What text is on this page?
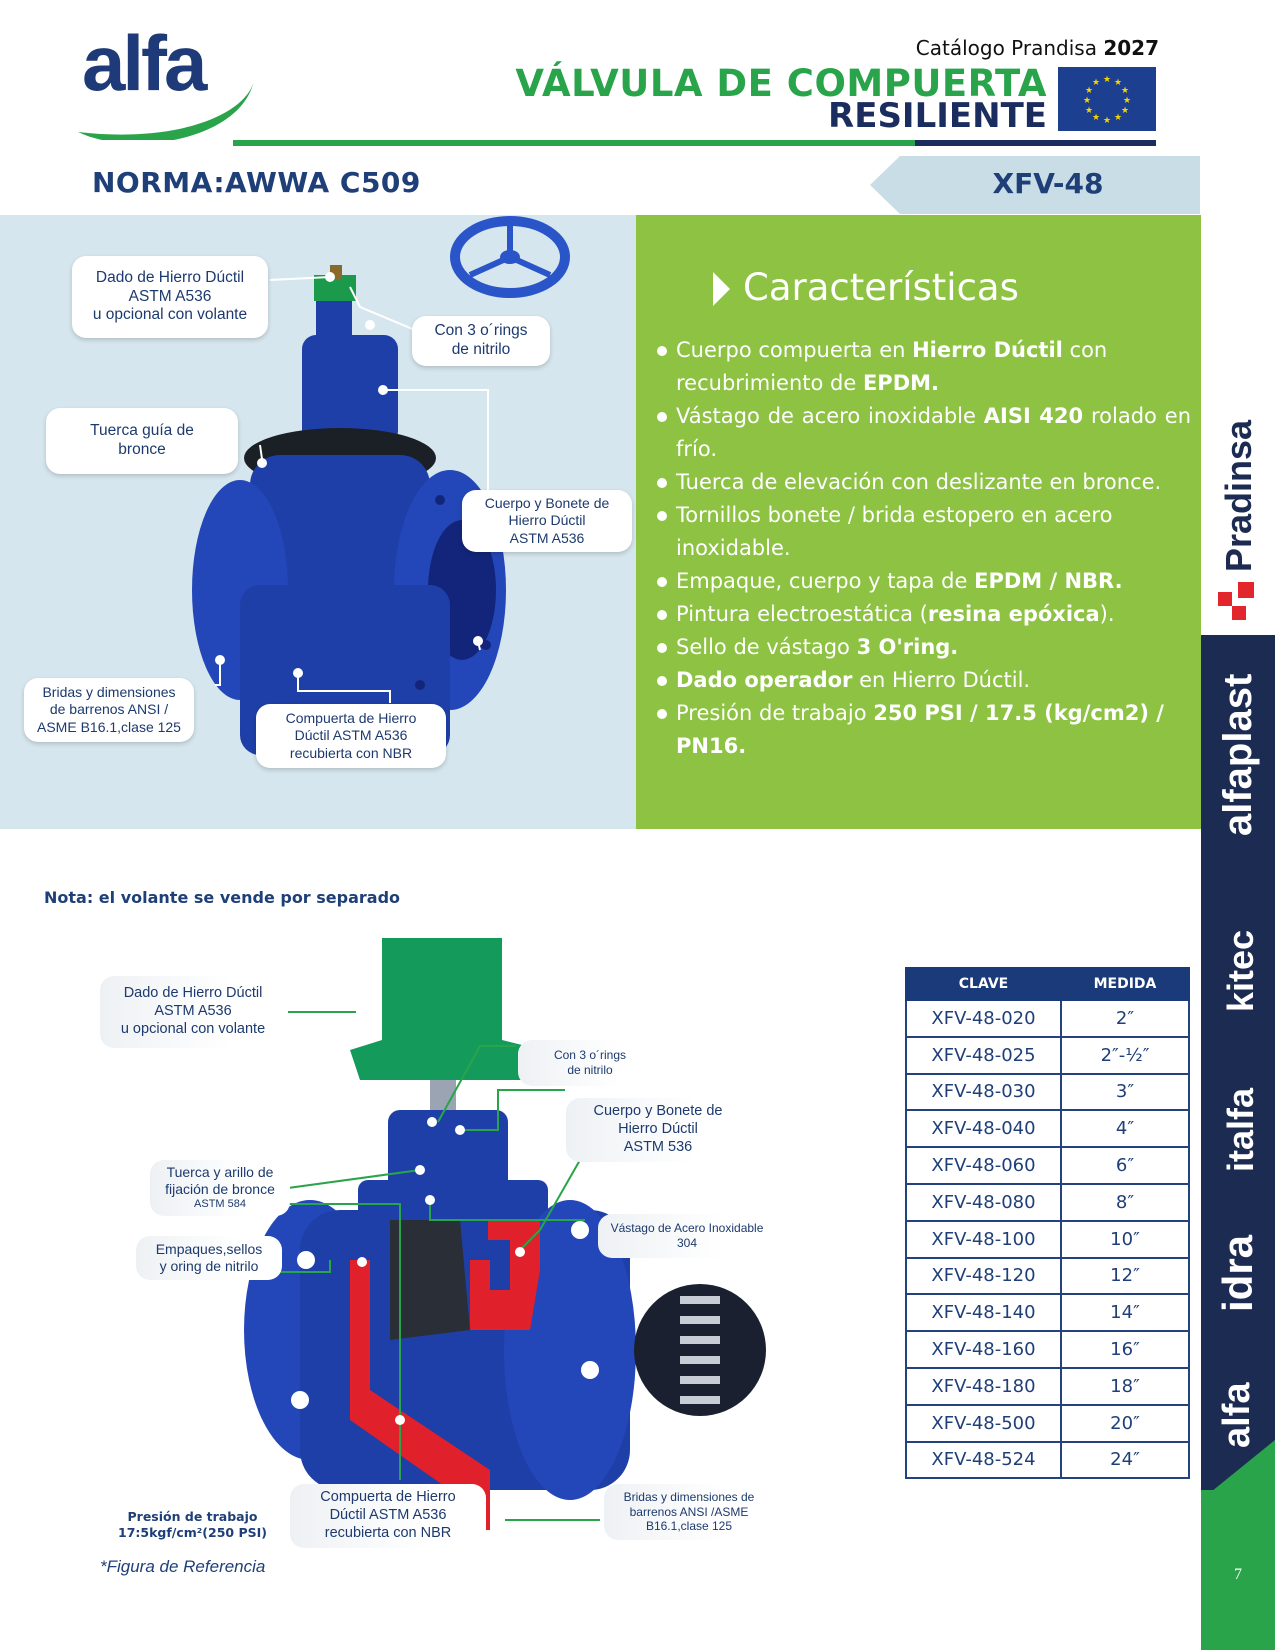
alfa	Catálogo Prandisa 2027
VÁLVULA DE COMPUERTA
RESILIENTE
★ ★
★
★
★
★
★
★
★
★
★
★
NORMA:AWWA C509	XFV-48
Dado de Hierro Dúctil
ASTM A536
u opcional con volante
Con 3 o´rings
de nitrilo
Tuerca guía de
bronce
Cuerpo y Bonete de
Hierro Dúctil
ASTM A536
Bridas y dimensiones
de barrenos ANSI /
ASME B16.1,clase 125
Compuerta de Hierro
Dúctil ASTM A536
recubierta con NBR
Características
Cuerpo compuerta en Hierro Dúctil con recubrimiento de EPDM.
Vástago de acero inoxidable AISI 420 rolado en frío.
Tuerca de elevación con deslizante en bronce.
Tornillos bonete / brida estopero en acero inoxidable.
Empaque, cuerpo y tapa de EPDM / NBR.
Pintura electroestática (resina epóxica).
Sello de vástago 3 O'ring.
Dado operador en Hierro Dúctil.
Presión de trabajo 250 PSI / 17.5 (kg/cm2) / PN16.
Pradinsa
alfaplast
kitec
italfa
idra
alfa
7
Nota: el volante se vende por separado
Dado de Hierro Dúctil
ASTM A536
u opcional con volante
Con 3 o´rings
de nitrilo
Cuerpo y Bonete de
Hierro Dúctil
ASTM 536
Tuerca y arillo de
fijación de bronce
ASTM 584
Vástago de Acero Inoxidable
304
Empaques,sellos
y oring de nitrilo
Compuerta de Hierro
Dúctil ASTM A536
recubierta con NBR
Bridas y dimensiones de
barrenos ANSI /ASME
B16.1,clase 125
Presión de trabajo
17:5kgf/cm²(250 PSI)
*Figura de Referencia
CLAVE	MEDIDA
XFV-48-020	2″
XFV-48-025	2″-½″
XFV-48-030	3″
XFV-48-040	4″
XFV-48-060	6″
XFV-48-080	8″
XFV-48-100	10″
XFV-48-120	12″
XFV-48-140	14″
XFV-48-160	16″
XFV-48-180	18″
XFV-48-500	20″
XFV-48-524	24″
